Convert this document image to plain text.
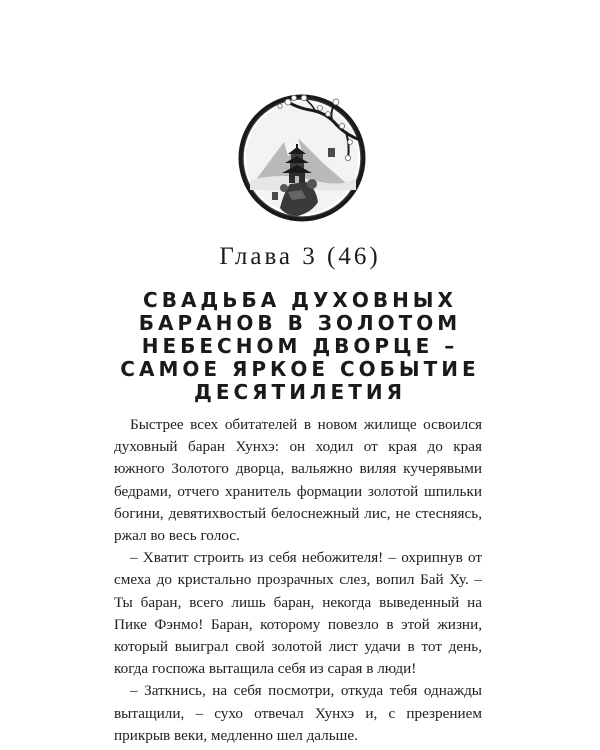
Глава 3 (46)
СВАДЬБА ДУХОВНЫХ
БАРАНОВ В ЗОЛОТОМ
НЕБЕСНОМ ДВОРЦЕ –
САМОЕ ЯРКОЕ СОБЫТИЕ
ДЕСЯТИЛЕТИЯ

Быстрее всех обитателей в новом жилище освоился духовный баран Хунхэ: он ходил от края до края южного Золотого дворца, вальяжно виляя кучерявыми бедрами, отчего хранитель формации золотой шпильки богини, девятихвостый белоснежный лис, не стесняясь, ржал во весь голос.

– Хватит строить из себя небожителя! – охрипнув от смеха до кристально прозрачных слез, вопил Бай Ху. – Ты баран, всего лишь баран, некогда выведенный на Пике Фэнмо! Баран, которому повезло в этой жизни, который выиграл свой золотой лист удачи в тот день, когда госпожа вытащила себя из сарая в люди!

– Заткнись, на себя посмотри, откуда тебя однажды вытащили, – сухо отвечал Хунхэ и, с презрением прикрыв веки, медленно шел дальше.
